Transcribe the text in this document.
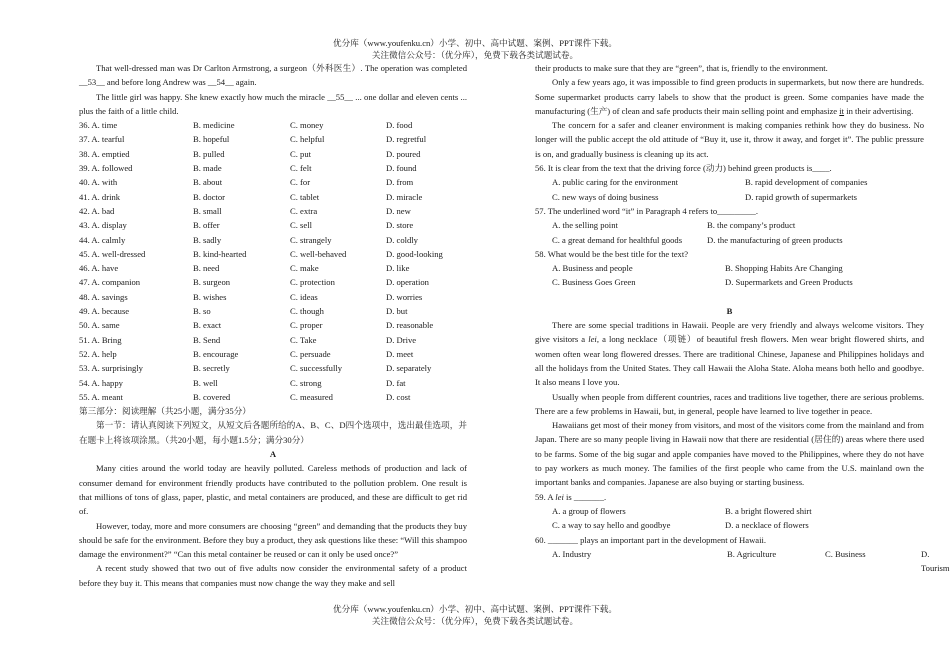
优分库（www.youfenku.cn）小学、初中、高中试题、案例、PPT课件下载。
关注微信公众号：（优分库），免费下载各类试题试卷。

That well-dressed man was Dr Carlton Armstrong, a surgeon（外科医生）. The operation was completed __53__ and before long Andrew was __54__ again.

The little girl was happy. She knew exactly how much the miracle __55__ ... one dollar and eleven cents ... plus the faith of a little child.

36. A. time	B. medicine	C. money	D. food
37. A. tearful	B. hopeful	C. helpful	D. regretful
38. A. emptied	B. pulled	C. put	D. poured
39. A. followed	B. made	C. felt	D. found
40. A. with	B. about	C. for	D. from
41. A. drink	B. doctor	C. tablet	D. miracle
42. A. bad	B. small	C. extra	D. new
43. A. display	B. offer	C. sell	D. store
44. A. calmly	B. sadly	C. strangely	D. coldly
45. A. well-dressed	B. kind-hearted	C. well-behaved	D. good-looking
46. A. have	B. need	C. make	D. like
47. A. companion	B. surgeon	C. protection	D. operation
48. A. savings	B. wishes	C. ideas	D. worries
49. A. because	B. so	C. though	D. but
50. A. same	B. exact	C. proper	D. reasonable
51. A. Bring	B. Send	C. Take	D. Drive
52. A. help	B. encourage	C. persuade	D. meet
53. A. surprisingly	B. secretly	C. successfully	D. separately
54. A. happy	B. well	C. strong	D. fat
55. A. meant	B. covered	C. measured	D. cost

第三部分：阅读理解（共25小题，满分35分）

第一节：请认真阅读下列短文，从短文后各题所给的A、B、C、D四个选项中，选出最佳选项，并在题卡上将该项涂黑。（共20小题，每小题1.5分；满分30分）

A

Many cities around the world today are heavily polluted. Careless methods of production and lack of consumer demand for environment friendly products have contributed to the pollution problem. One result is that millions of tons of glass, paper, plastic, and metal containers are produced, and these are difficult to get rid of.

However, today, more and more consumers are choosing “green” and demanding that the products they buy should be safe for the environment. Before they buy a product, they ask questions like these: “Will this shampoo damage the environment?” “Can this metal container be reused or can it only be used once?”

A recent study showed that two out of five adults now consider the environmental safety of a product before they buy it. This means that companies must now change the way they make and sell

their products to make sure that they are “green”, that is, friendly to the environment.

Only a few years ago, it was impossible to find green products in supermarkets, but now there are hundreds. Some supermarket products carry labels to show that the product is green. Some companies have made the manufacturing (生产) of clean and safe products their main selling point and emphasize it in their advertising.

The concern for a safer and cleaner environment is making companies rethink how they do business. No longer will the public accept the old attitude of “Buy it, use it, throw it away, and forget it”. The public pressure is on, and gradually business is cleaning up its act.

56. It is clear from the text that the driving force (动力) behind green products is____.

A. public caring for the environment	B. rapid development of companies
C. new ways of doing business	D. rapid growth of supermarkets

57. The underlined word “it” in Paragraph 4 refers to_________.

A. the selling point	B. the company’s product
C. a great demand for healthful goods	D. the manufacturing of green products

58. What would be the best title for the text?

A. Business and people	B. Shopping Habits Are Changing
C. Business Goes Green	D. Supermarkets and Green Products

B

There are some special traditions in Hawaii. People are very friendly and always welcome visitors. They give visitors a lei, a long necklace（项链）of beautiful fresh flowers. Men wear bright flowered shirts, and women often wear long flowered dresses. There are traditional Chinese, Japanese and Philippines holidays and all the holidays from the United States. They call Hawaii the Aloha State. Aloha means both hello and goodbye. It also means I love you.

Usually when people from different countries, races and traditions live together, there are serious problems. There are a few problems in Hawaii, but, in general, people have learned to live together in peace.

Hawaiians get most of their money from visitors, and most of the visitors come from the mainland and from Japan. There are so many people living in Hawaii now that there are residential (居住的) areas where there used to be farms. Some of the big sugar and apple companies have moved to the Philippines, where they do not have to pay workers as much money. The families of the first people who came from the U.S. mainland own the important banks and companies. Japanese are also buying or starting business.

59. A lei is _______.

A. a group of flowers	B. a bright flowered shirt
C. a way to say hello and goodbye	D. a necklace of flowers

60. _______ plays an important part in the development of Hawaii.

A. Industry	B. Agriculture	C. Business	D. Tourism
优分库（www.youfenku.cn）小学、初中、高中试题、案例、PPT课件下载。
关注微信公众号：（优分库），免费下载各类试题试卷。
